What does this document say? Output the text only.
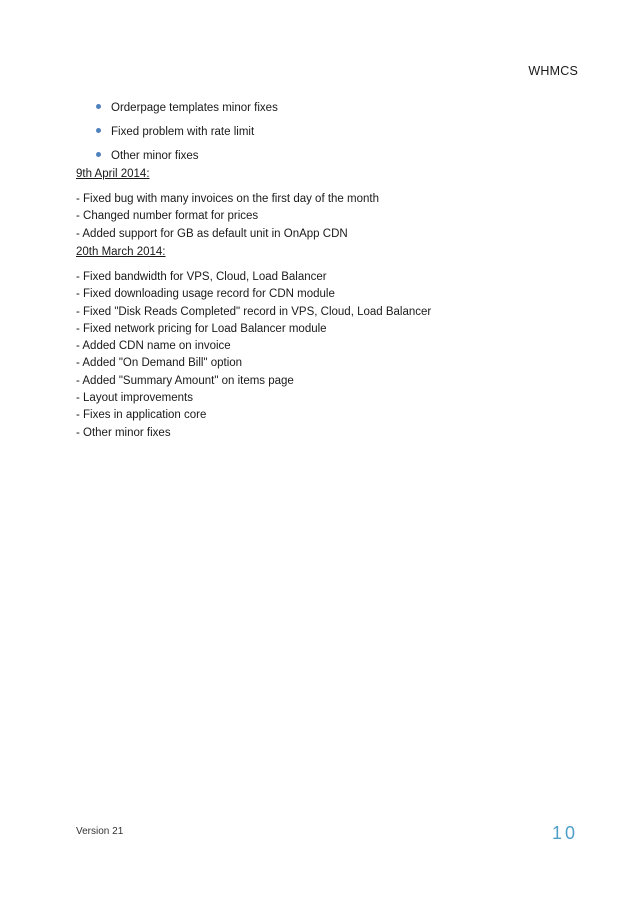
WHMCS
Orderpage templates minor fixes
Fixed problem with rate limit
Other minor fixes
9th April 2014:
- Fixed bug with many invoices on the first day of the month
- Changed number format for prices
- Added support for GB as default unit in OnApp CDN
20th March 2014:
- Fixed bandwidth for VPS, Cloud, Load Balancer
- Fixed downloading usage record for CDN module
- Fixed "Disk Reads Completed" record in VPS, Cloud, Load Balancer
- Fixed network pricing for Load Balancer module
- Added CDN name on invoice
- Added "On Demand Bill" option
- Added "Summary Amount" on items page
- Layout improvements
- Fixes in application core
- Other minor fixes
Version 21	10
